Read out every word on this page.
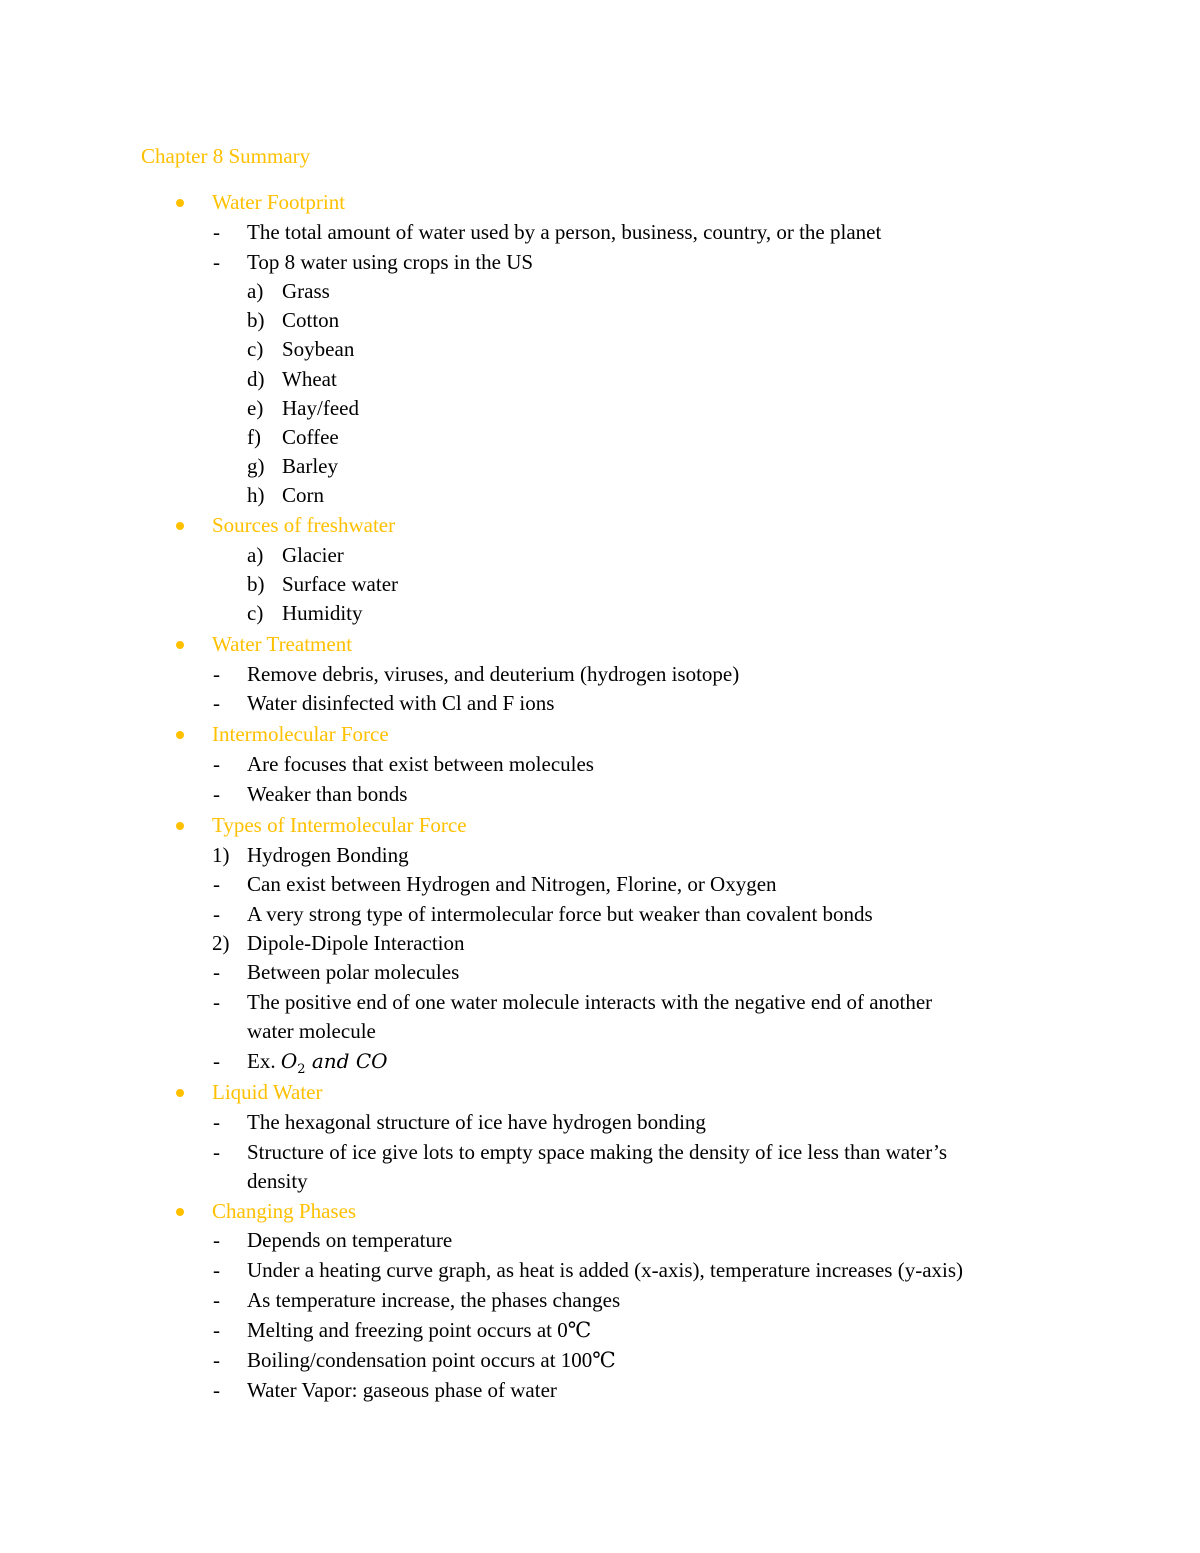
Chapter 8 Summary
Water Footprint
- The total amount of water used by a person, business, country, or the planet
- Top 8 water using crops in the US
a) Grass
b) Cotton
c) Soybean
d) Wheat
e) Hay/feed
f) Coffee
g) Barley
h) Corn
Sources of freshwater
a) Glacier
b) Surface water
c) Humidity
Water Treatment
- Remove debris, viruses, and deuterium (hydrogen isotope)
- Water disinfected with Cl and F ions
Intermolecular Force
- Are focuses that exist between molecules
- Weaker than bonds
Types of Intermolecular Force
1) Hydrogen Bonding
- Can exist between Hydrogen and Nitrogen, Florine, or Oxygen
- A very strong type of intermolecular force but weaker than covalent bonds
2) Dipole-Dipole Interaction
- Between polar molecules
- The positive end of one water molecule interacts with the negative end of another
water molecule
- Ex. $O_2$ and CO
Liquid Water
- The hexagonal structure of ice have hydrogen bonding
- Structure of ice give lots to empty space making the density of ice less than water’s
density
Changing Phases
- Depends on temperature
- Under a heating curve graph, as heat is added (x-axis), temperature increases (y-axis)
- As temperature increase, the phases changes
- Melting and freezing point occurs at 0℃
- Boiling/condensation point occurs at 100℃
- Water Vapor: gaseous phase of water
